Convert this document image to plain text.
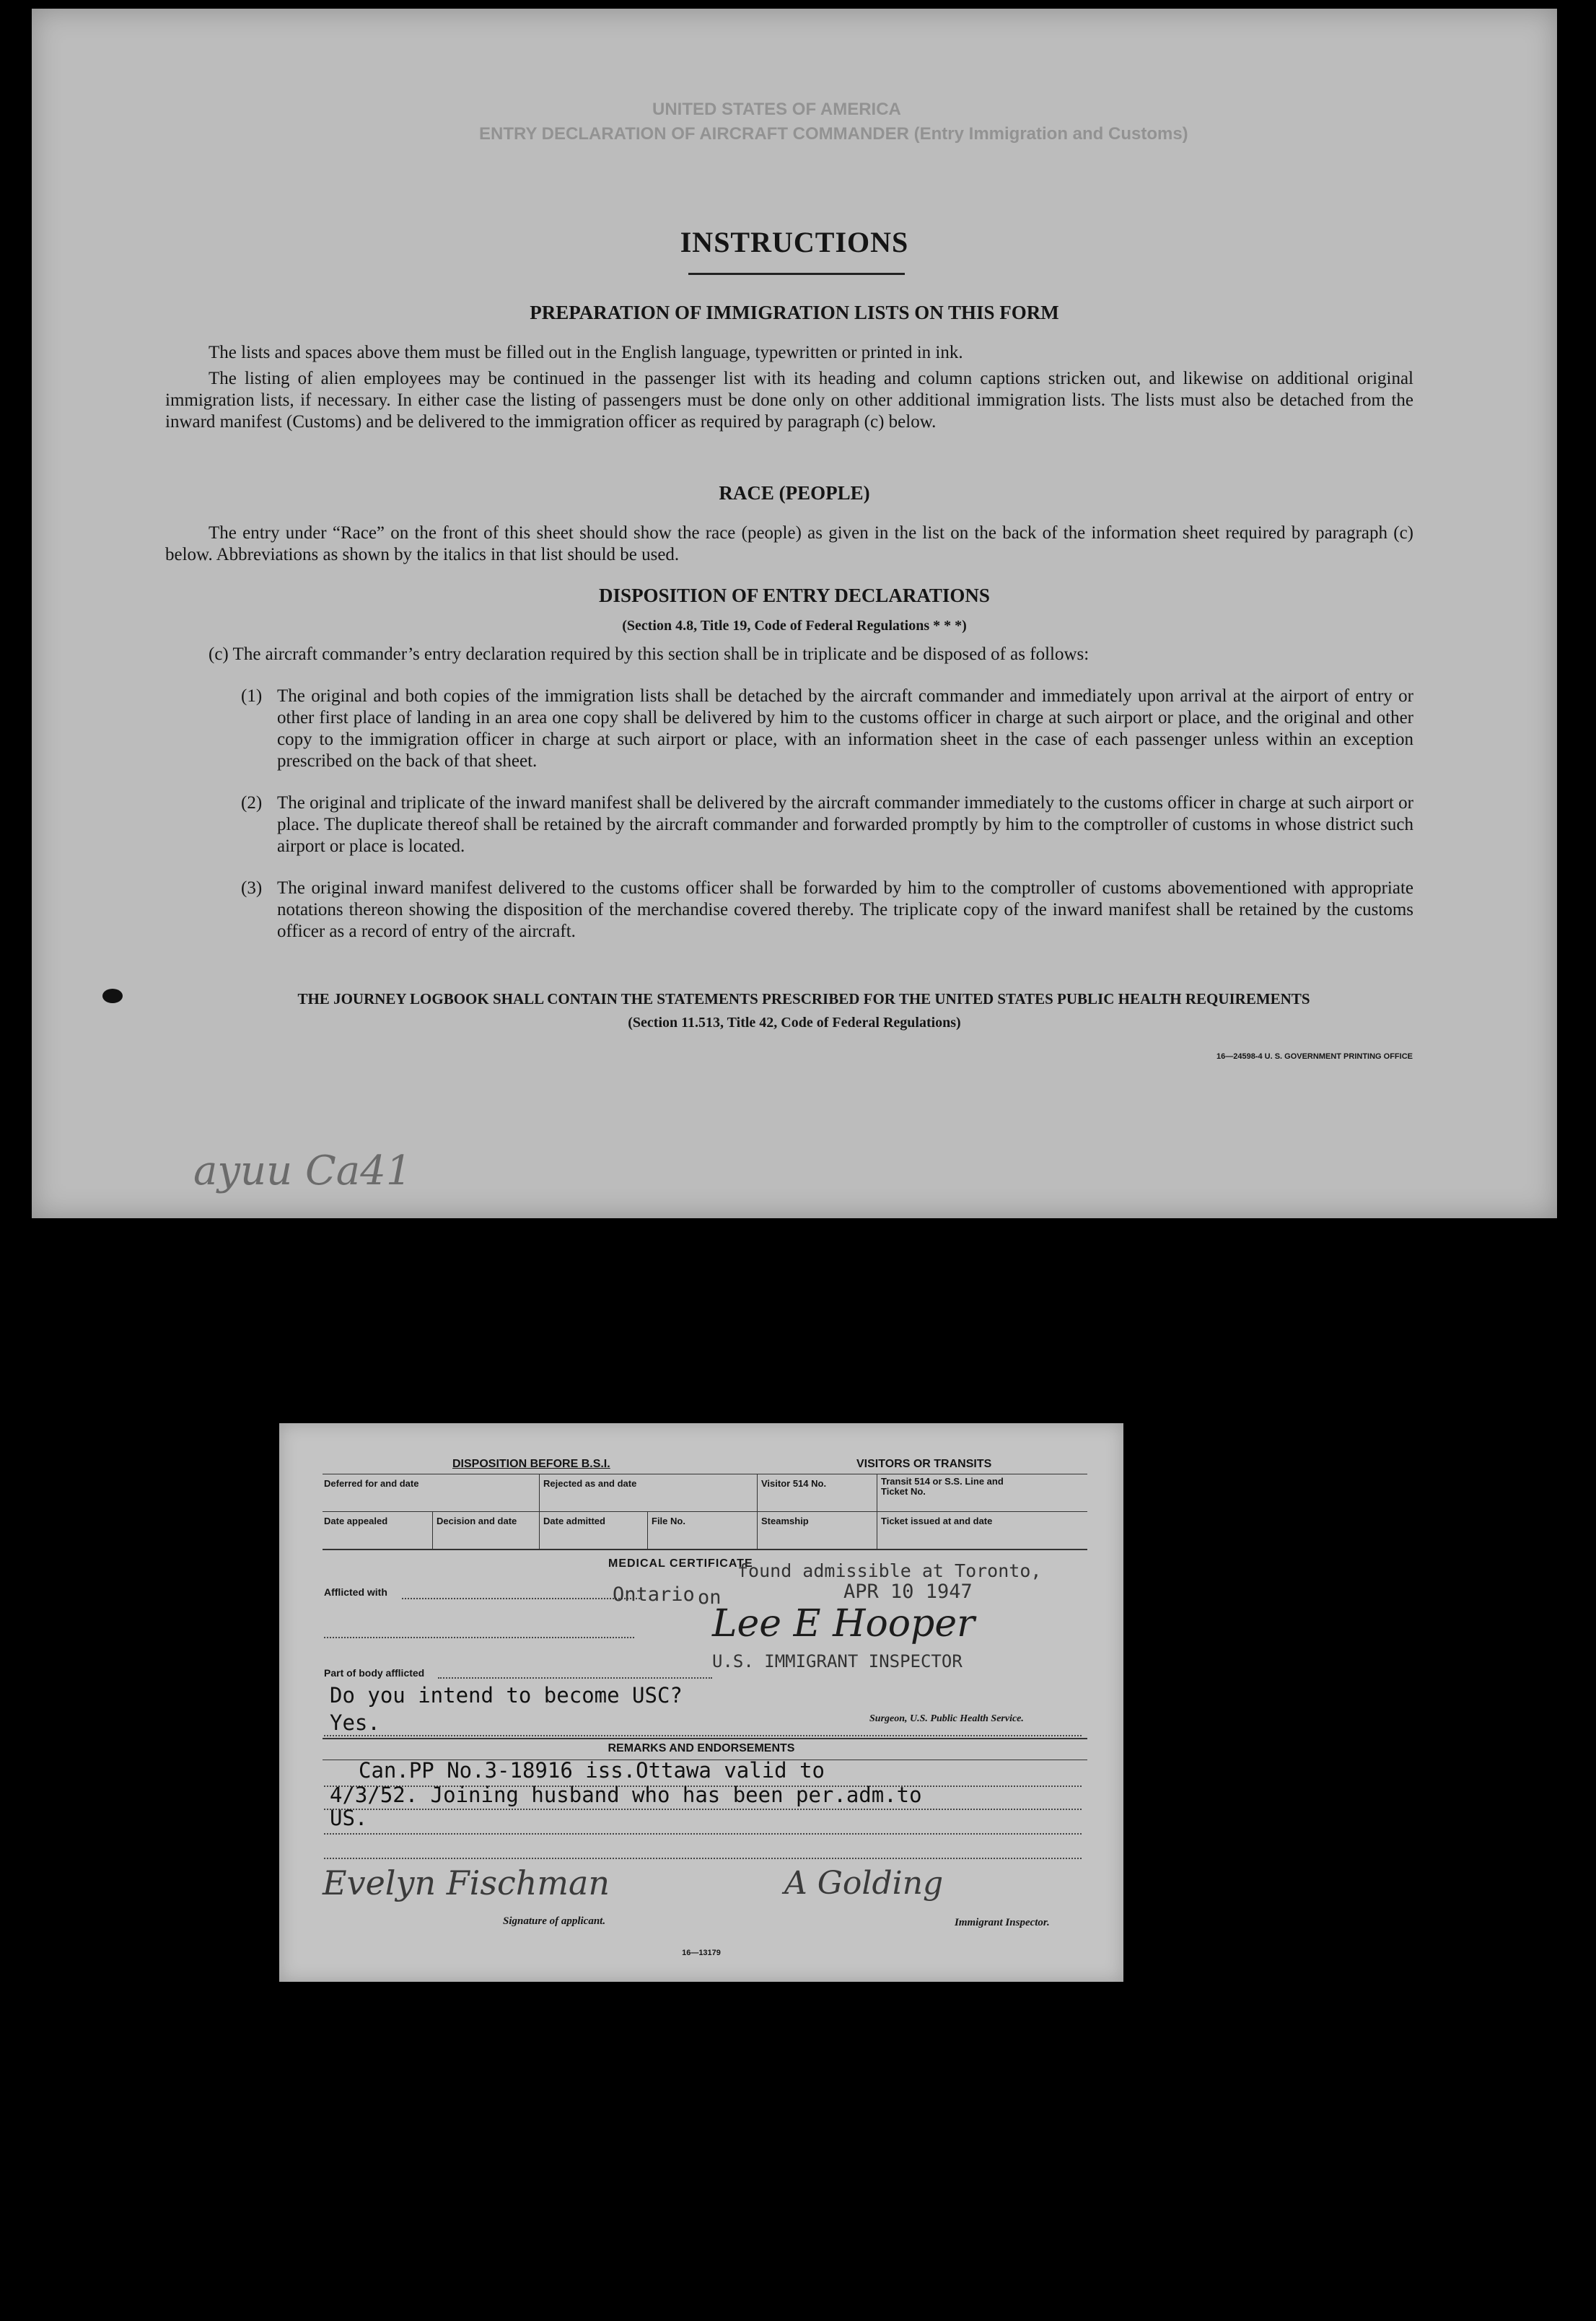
UNITED STATES OF AMERICA
ENTRY DECLARATION OF AIRCRAFT COMMANDER (Entry Immigration and Customs)
INSTRUCTIONS
PREPARATION OF IMMIGRATION LISTS ON THIS FORM
The lists and spaces above them must be filled out in the English language, typewritten or printed in ink.
The listing of alien employees may be continued in the passenger list with its heading and column captions stricken out, and likewise on additional original immigration lists, if necessary. In either case the listing of passengers must be done only on other additional immigration lists. The lists must also be detached from the inward manifest (Customs) and be delivered to the immigration officer as required by paragraph (c) below.
RACE (PEOPLE)
The entry under “Race” on the front of this sheet should show the race (people) as given in the list on the back of the information sheet required by paragraph (c) below. Abbreviations as shown by the italics in that list should be used.
DISPOSITION OF ENTRY DECLARATIONS
(Section 4.8, Title 19, Code of Federal Regulations * * *)
(c) The aircraft commander’s entry declaration required by this section shall be in triplicate and be disposed of as follows:
(1) The original and both copies of the immigration lists shall be detached by the aircraft commander and immediately upon arrival at the airport of entry or other first place of landing in an area one copy shall be delivered by him to the customs officer in charge at such airport or place, and the original and other copy to the immigration officer in charge at such airport or place, with an information sheet in the case of each passenger unless within an exception prescribed on the back of that sheet.
(2) The original and triplicate of the inward manifest shall be delivered by the aircraft commander immediately to the customs officer in charge at such airport or place. The duplicate thereof shall be retained by the aircraft commander and forwarded promptly by him to the comptroller of customs in whose district such airport or place is located.
(3) The original inward manifest delivered to the customs officer shall be forwarded by him to the comptroller of customs abovementioned with appropriate notations thereon showing the disposition of the merchandise covered thereby. The triplicate copy of the inward manifest shall be retained by the customs officer as a record of entry of the aircraft.
THE JOURNEY LOGBOOK SHALL CONTAIN THE STATEMENTS PRESCRIBED FOR THE UNITED STATES PUBLIC HEALTH REQUIREMENTS
(Section 11.513, Title 42, Code of Federal Regulations)
16—24598-4 U. S. GOVERNMENT PRINTING OFFICE
ayuu Ca41
DISPOSITION BEFORE B.S.I.	VISITORS OR TRANSITS
Deferred for and date	Rejected as and date	Visitor 514 No.	Transit 514 or S.S. Line and Ticket No.
Date appealed	Decision and date	Date admitted	File No.	Steamship	Ticket issued at and date
MEDICAL CERTIFICATE
found admissible at Toronto,
Afflicted with	Ontario on	APR 10 1947
Lee E Hooper
U.S. IMMIGRANT INSPECTOR
Part of body afflicted
Do you intend to become USC?
Yes.	Surgeon, U.S. Public Health Service.
REMARKS AND ENDORSEMENTS
Can.PP No.3-18916 iss.Ottawa valid to
4/3/52. Joining husband who has been per.adm.to
US.
Evelyn Fischman
Signature of applicant.
A Golding
Immigrant Inspector.
16—13179
